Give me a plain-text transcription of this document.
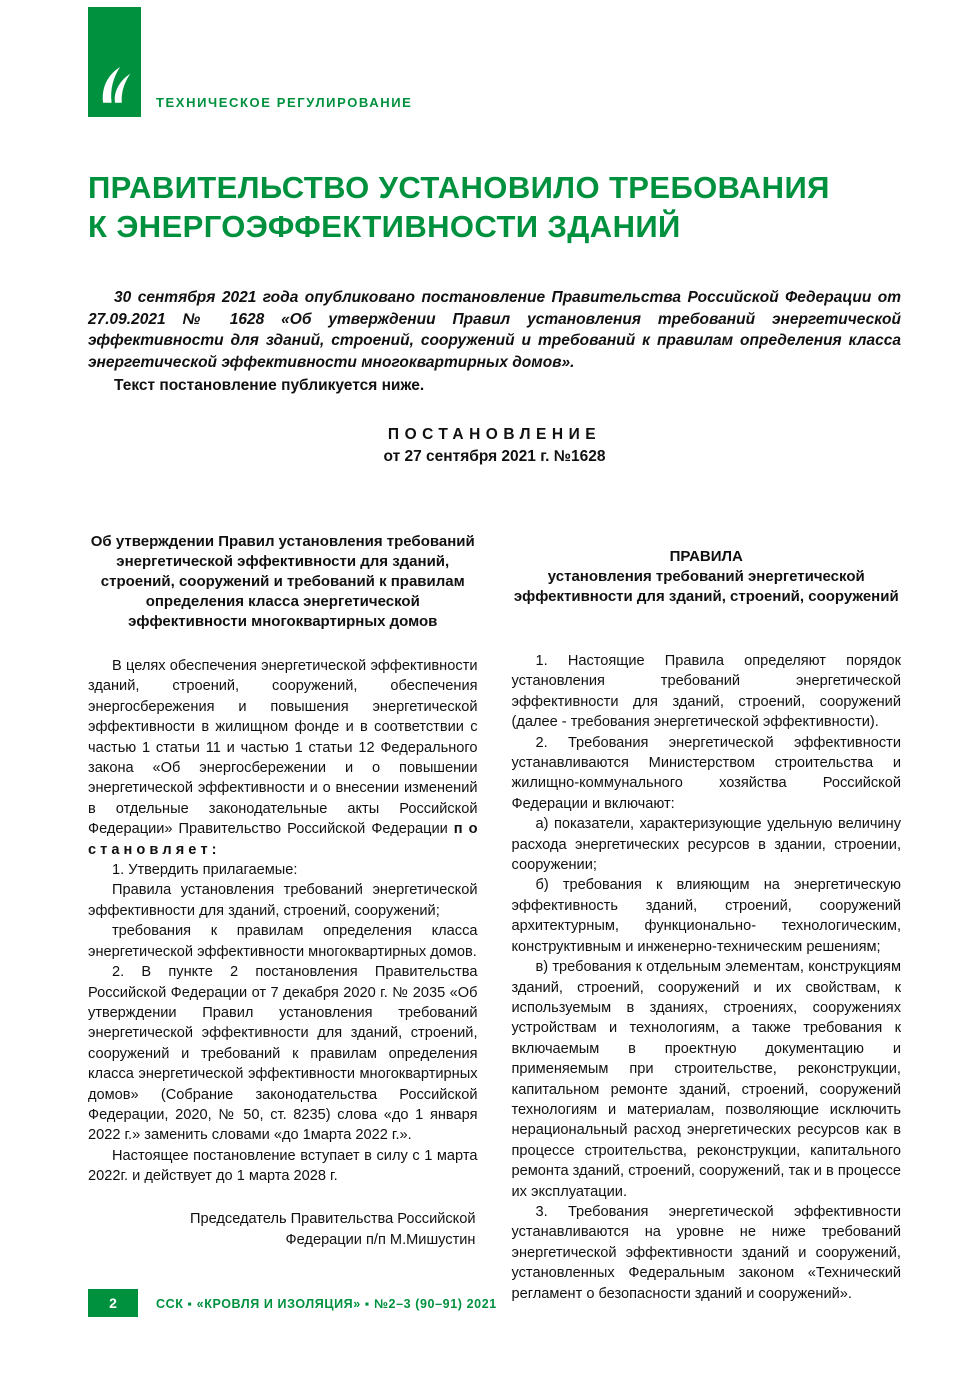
ТЕХНИЧЕСКОЕ РЕГУЛИРОВАНИЕ
ПРАВИТЕЛЬСТВО УСТАНОВИЛО ТРЕБОВАНИЯ
К ЭНЕРГОЭФФЕКТИВНОСТИ ЗДАНИЙ

30 сентября 2021 года опубликовано постановление Правительства Российской Федерации от 27.09.2021 № 1628 «Об утверждении Правил установления требований энергетической эффективности для зданий, строений, сооружений и требований к правилам определения класса энергетической эффективности многоквартирных домов».

Текст постановление публикуется ниже.

ПОСТАНОВЛЕНИЕ
от 27 сентября 2021 г. №1628
Об утверждении Правил установления требований энергетической эффективности для зданий, строений, сооружений и требований к правилам определения класса энергетической эффективности многоквартирных домов

В целях обеспечения энергетической эффективности зданий, строений, сооружений, обеспечения энергосбережения и повышения энергетической эффективности в жилищном фонде и в соответствии с частью 1 статьи 11 и частью 1 статьи 12 Федерального закона «Об энергосбережении и о повышении энергетической эффективности и о внесении изменений в отдельные законодательные акты Российской Федерации» Правительство Российской Федерации п о с т а н о в л я е т :

1. Утвердить прилагаемые:

Правила установления требований энергетической эффективности для зданий, строений, сооружений;

требования к правилам определения класса энергетической эффективности многоквартирных домов.

2. В пункте 2 постановления Правительства Российской Федерации от 7 декабря 2020 г. № 2035 «Об утверждении Правил установления требований энергетической эффективности для зданий, строений, сооружений и требований к правилам определения класса энергетической эффективности многоквартирных домов» (Собрание законодательства Российской Федерации, 2020, № 50, ст. 8235) слова «до 1 января 2022 г.» заменить словами «до 1марта 2022 г.».

Настоящее постановление вступает в силу с 1 марта 2022г. и действует до 1 марта 2028 г.

Председатель Правительства Российской
Федерации п/п М.Мишустин
ПРАВИЛА
установления требований энергетической эффективности для зданий, строений, сооружений

1. Настоящие Правила определяют порядок установления требований энергетической эффективности для зданий, строений, сооружений (далее - требования энергетической эффективности).

2. Требования энергетической эффективности устанавливаются Министерством строительства и жилищно-коммунального хозяйства Российской Федерации и включают:

а) показатели, характеризующие удельную величину расхода энергетических ресурсов в здании, строении, сооружении;

б) требования к влияющим на энергетическую эффективность зданий, строений, сооружений архитектурным, функционально- технологическим, конструктивным и инженерно-техническим решениям;

в) требования к отдельным элементам, конструкциям зданий, строений, сооружений и их свойствам, к используемым в зданиях, строениях, сооружениях устройствам и технологиям, а также требования к включаемым в проектную документацию и применяемым при строительстве, реконструкции, капитальном ремонте зданий, строений, сооружений технологиям и материалам, позволяющие исключить нерациональный расход энергетических ресурсов как в процессе строительства, реконструкции, капитального ремонта зданий, строений, сооружений, так и в процессе их эксплуатации.

3. Требования энергетической эффективности устанавливаются на уровне не ниже требований энергетической эффективности зданий и сооружений, установленных Федеральным законом «Технический регламент о безопасности зданий и сооружений».

2	ССК ▪ «КРОВЛЯ И ИЗОЛЯЦИЯ» ▪ №2–3 (90–91) 2021
